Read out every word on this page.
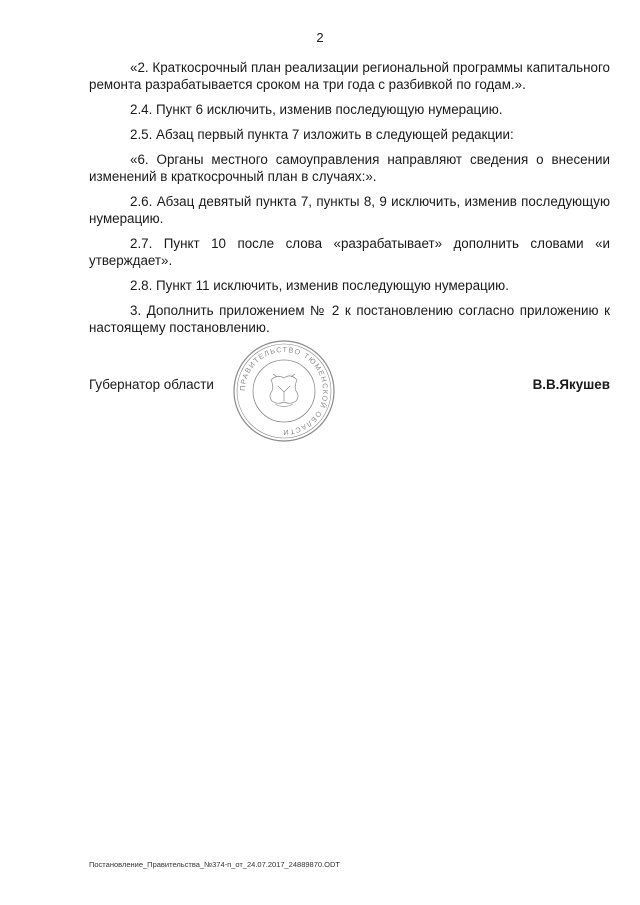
2

«2. Краткосрочный план реализации региональной программы капитального ремонта разрабатывается сроком на три года с разбивкой по годам.».

2.4. Пункт 6 исключить, изменив последующую нумерацию.

2.5. Абзац первый пункта 7 изложить в следующей редакции:

«6. Органы местного самоуправления направляют сведения о внесении изменений в краткосрочный план в случаях:».

2.6. Абзац девятый пункта 7, пункты 8, 9 исключить, изменив последующую нумерацию.

2.7. Пункт 10 после слова «разрабатывает» дополнить словами «и утверждает».

2.8. Пункт 11 исключить, изменив последующую нумерацию.

3. Дополнить приложением № 2 к постановлению согласно приложению к настоящему постановлению.

ПРАВИТЕЛЬСТВО ТЮМЕНСКОЙ ОБЛАСТИ
Губернатор области	В.В.Якушев
Постановление_Правительства_№374-п_от_24.07.2017_24889870.ODT
